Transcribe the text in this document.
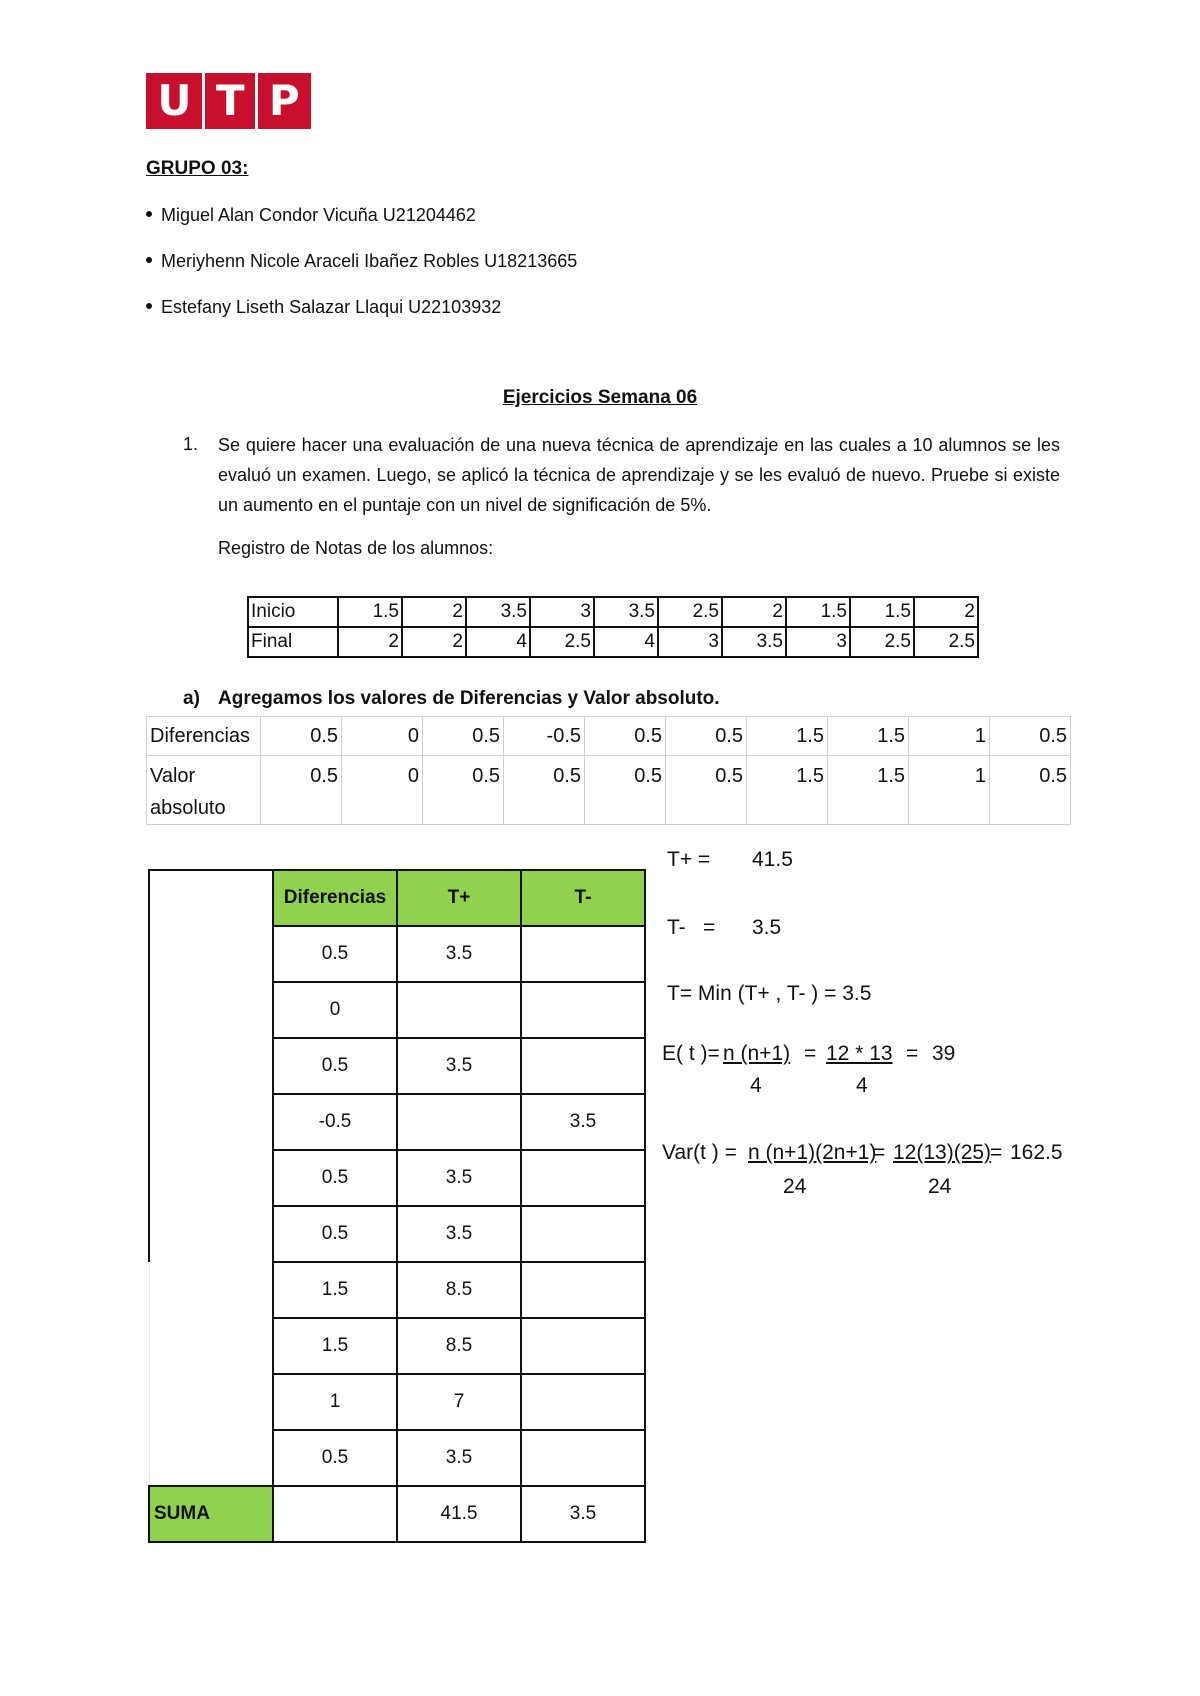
U T P
GRUPO 03:
Miguel Alan Condor Vicuña U21204462
Meriyhenn Nicole Araceli Ibañez Robles U18213665
Estefany Liseth Salazar Llaqui U22103932
Ejercicios Semana 06
1. Se quiere hacer una evaluación de una nueva técnica de aprendizaje en las cuales a 10 alumnos se les evaluó un examen. Luego, se aplicó la técnica de aprendizaje y se les evaluó de nuevo. Pruebe si existe un aumento en el puntaje con un nivel de significación de 5%.
Registro de Notas de los alumnos:
Inicio	1.5	2	3.5	3	3.5	2.5	2	1.5	1.5	2
Final	2	2	4	2.5	4	3	3.5	3	2.5	2.5
a) Agregamos los valores de Diferencias y Valor absoluto.
Diferencias	0.5	0	0.5	-0.5	0.5	0.5	1.5	1.5	1	0.5
Valor absoluto	0.5	0	0.5	0.5	0.5	0.5	1.5	1.5	1	0.5
	Diferencias	T+	T-
	0.5	3.5	
	0		
	0.5	3.5	
	-0.5		3.5
	0.5	3.5	
	0.5	3.5	
	1.5	8.5	
	1.5	8.5	
	1	7	
	0.5	3.5	
SUMA		41.5	3.5
T+ = 41.5
T- = 3.5
T= Min (T+ , T- ) = 3.5
E( t )= n (n+1)
4
= 12 * 13
4
= 39
Var(t ) = n (n+1)(2n+1)
=
24
12(13)(25)
=
24
162.5
